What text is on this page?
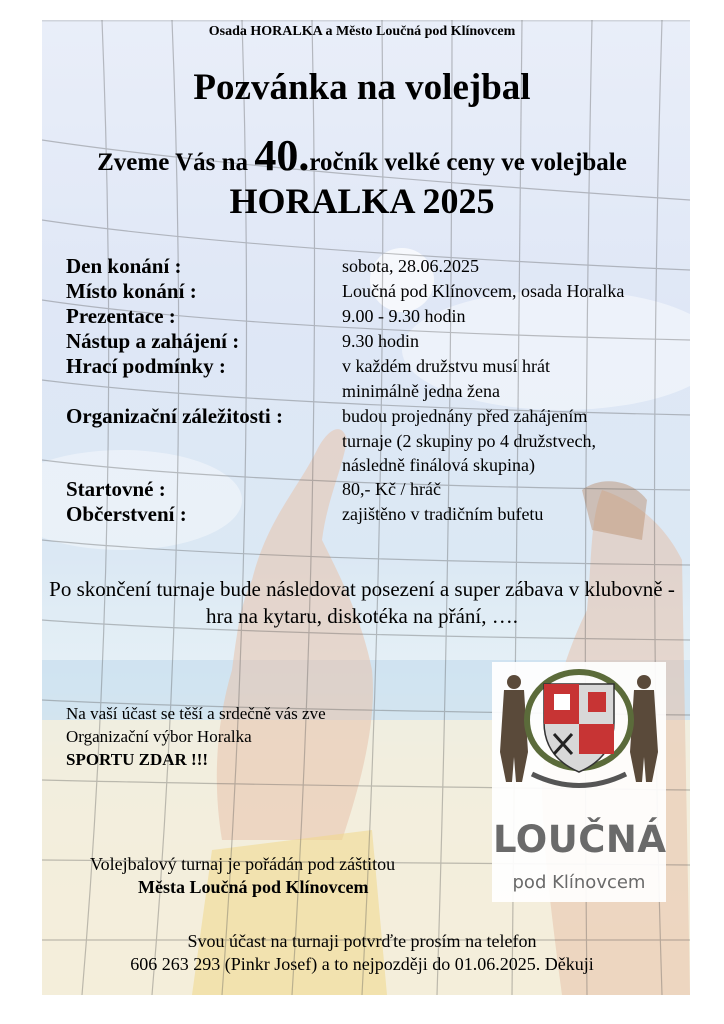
Osada HORALKA a Město Loučná pod Klínovcem
Pozvánka na volejbal
Zveme Vás na 40.ročník velké ceny ve volejbale
HORALKA 2025
Den konání :	sobota, 28.06.2025
Místo konání :	Loučná pod Klínovcem, osada Horalka
Prezentace :	9.00 - 9.30 hodin
Nástup a zahájení :	9.30 hodin
Hrací podmínky :	v každém družstvu musí hrát
minimálně jedna žena
Organizační záležitosti :	budou projednány před zahájením
turnaje (2 skupiny po 4 družstvech,
následně finálová skupina)
Startovné :	80,- Kč / hráč
Občerstvení :	zajištěno v tradičním bufetu
Po skončení turnaje bude následovat posezení a super zábava v klubovně - hra na kytaru, diskotéka na přání, ….
Na vaší účast se těší a srdečně vás zve
Organizační výbor Horalka
SPORTU ZDAR !!!
LOUČNÁ
pod Klínovcem
Volejbalový turnaj je pořádán pod záštitou
Města Loučná pod Klínovcem
Svou účast na turnaji potvrďte prosím na telefon
606 263 293 (Pinkr Josef) a to nejpozději do 01.06.2025. Děkuji
